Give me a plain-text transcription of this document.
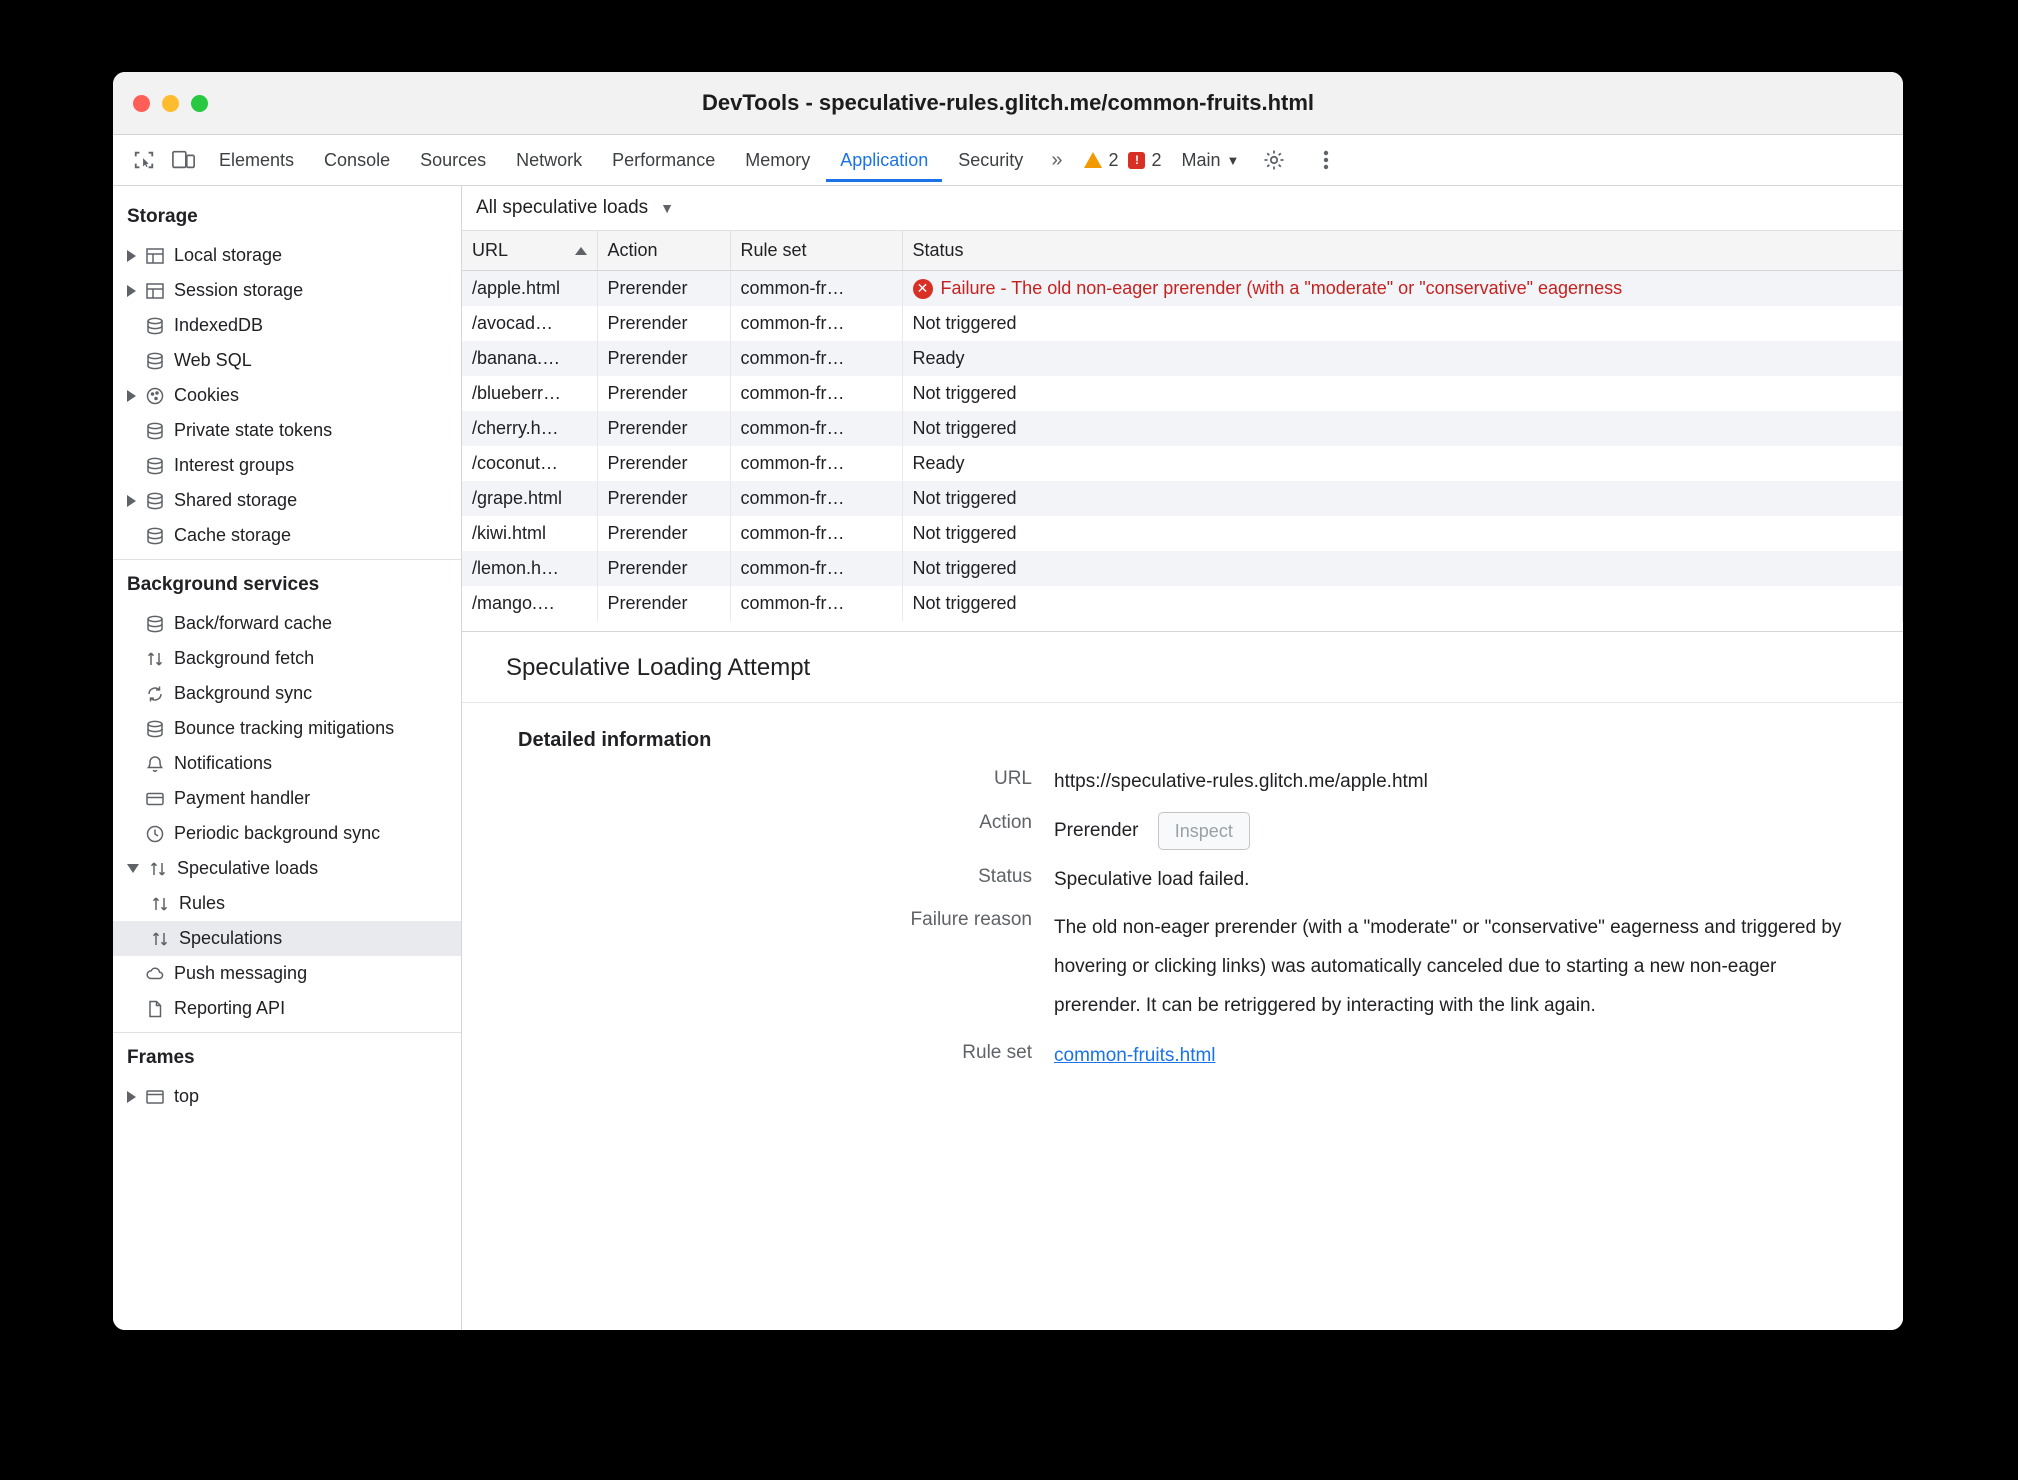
DevTools - speculative-rules.glitch.me/common-fruits.html
Elements	Console	Sources	Network	Performance	Memory	Application	Security	»	2	! 2 Main ▼
Storage
Local storage
Session storage
IndexedDB
Web SQL
Cookies
Private state tokens
Interest groups
Shared storage
Cache storage
Background services
Back/forward cache
Background fetch
Background sync
Bounce tracking mitigations
Notifications
Payment handler
Periodic background sync
Speculative loads
Rules
Speculations
Push messaging
Reporting API
Frames
top
All speculative loads ▼
URL	Action	Rule set	Status
/apple.html	Prerender	common-fr…	✕ Failure - The old non-eager prerender (with a "moderate" or "conservative" eagerness

/avocad…	Prerender	common-fr…	Not triggered
/banana.…	Prerender	common-fr…	Ready
/blueberr…	Prerender	common-fr…	Not triggered
/cherry.h…	Prerender	common-fr…	Not triggered
/coconut…	Prerender	common-fr…	Ready
/grape.html	Prerender	common-fr…	Not triggered
/kiwi.html	Prerender	common-fr…	Not triggered
/lemon.h…	Prerender	common-fr…	Not triggered
/mango.…	Prerender	common-fr…	Not triggered
Speculative Loading Attempt
Detailed information
URL	https://speculative-rules.glitch.me/apple.html
Action	Prerender Inspect
Status	Speculative load failed.
Failure reason	The old non-eager prerender (with a "moderate" or "conservative" eagerness and triggered by hovering or clicking links) was automatically canceled due to starting a new non-eager prerender. It can be retriggered by interacting with the link again.
Rule set	common-fruits.html
